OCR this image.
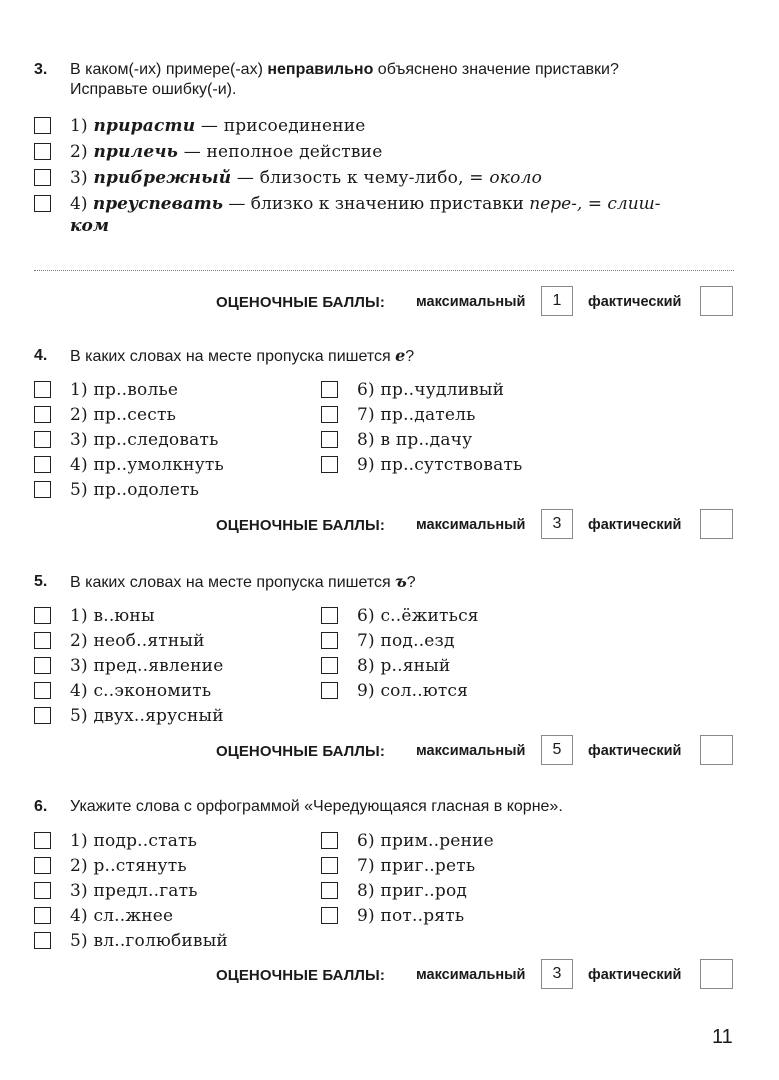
3. В каком(-их) примере(-ах) неправильно объяснено значение приставки?
Исправьте ошибку(-и).
1) прирасти — присоединение
2) прилечь — неполное действие
3) прибрежный — близость к чему-либо, = около
4) преуспевать — близко к значению приставки пере-, = слиш-
ком
ОЦЕНОЧНЫЕ БАЛЛЫ: максимальный	1	фактический
4. В каких словах на месте пропуска пишется е?
1) пр..волье
2) пр..сесть
3) пр..следовать
4) пр..умолкнуть
5) пр..одолеть
6) пр..чудливый
7) пр..датель
8) в пр..дачу
9) пр..сутствовать
ОЦЕНОЧНЫЕ БАЛЛЫ: максимальный	3	фактический
5. В каких словах на месте пропуска пишется ъ?
1) в..юны
2) необ..ятный
3) пред..явление
4) с..экономить
5) двух..ярусный
6) с..ёжиться
7) под..езд
8) р..яный
9) сол..ются
ОЦЕНОЧНЫЕ БАЛЛЫ: максимальный	5	фактический
6. Укажите слова с орфограммой «Чередующаяся гласная в корне».
1) подр..стать
2) р..стянуть
3) предл..гать
4) сл..жнее
5) вл..голюбивый
6) прим..рение
7) приг..реть
8) приг..род
9) пот..рять
ОЦЕНОЧНЫЕ БАЛЛЫ: максимальный	3	фактический
11
